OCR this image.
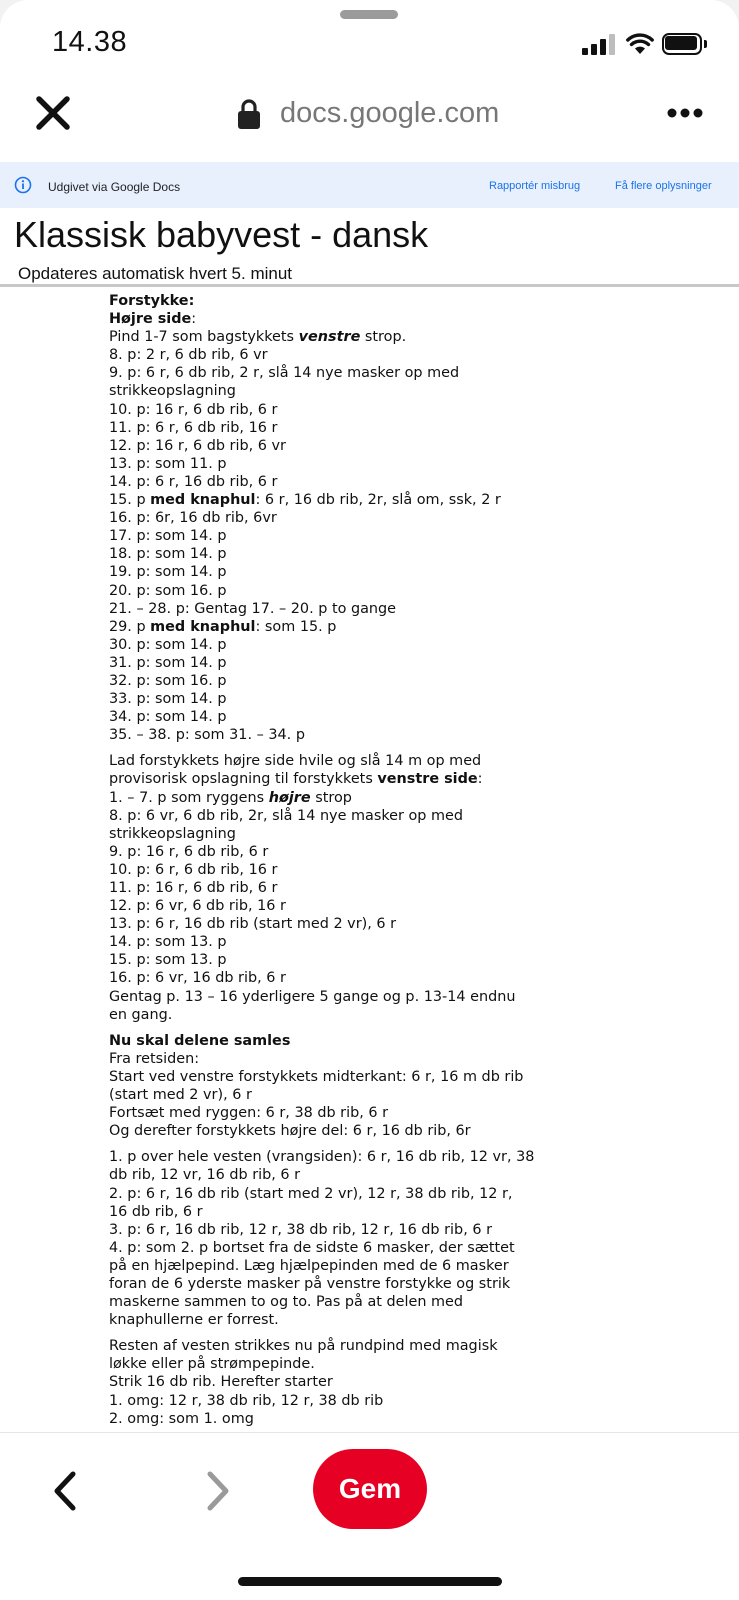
14.38
docs.google.com
Udgivet via Google Docs	Rapportér misbrug	Få flere oplysninger
Klassisk babyvest - dansk
Opdateres automatisk hvert 5. minut
Forstykke:
Højre side:
Pind 1-7 som bagstykkets venstre strop.
8. p: 2 r, 6 db rib, 6 vr
9. p: 6 r, 6 db rib, 2 r, slå 14 nye masker op med
strikkeopslagning
10. p: 16 r, 6 db rib, 6 r
11. p: 6 r, 6 db rib, 16 r
12. p: 16 r, 6 db rib, 6 vr
13. p: som 11. p
14. p: 6 r, 16 db rib, 6 r
15. p med knaphul: 6 r, 16 db rib, 2r, slå om, ssk, 2 r
16. p: 6r, 16 db rib, 6vr
17. p: som 14. p
18. p: som 14. p
19. p: som 14. p
20. p: som 16. p
21. – 28. p: Gentag 17. – 20. p to gange
29. p med knaphul: som 15. p
30. p: som 14. p
31. p: som 14. p
32. p: som 16. p
33. p: som 14. p
34. p: som 14. p
35. – 38. p: som 31. – 34. p
Lad forstykkets højre side hvile og slå 14 m op med
provisorisk opslagning til forstykkets venstre side:
1. – 7. p som ryggens højre strop
8. p: 6 vr, 6 db rib, 2r, slå 14 nye masker op med
strikkeopslagning
9. p: 16 r, 6 db rib, 6 r
10. p: 6 r, 6 db rib, 16 r
11. p: 16 r, 6 db rib, 6 r
12. p: 6 vr, 6 db rib, 16 r
13. p: 6 r, 16 db rib (start med 2 vr), 6 r
14. p: som 13. p
15. p: som 13. p
16. p: 6 vr, 16 db rib, 6 r
Gentag p. 13 – 16 yderligere 5 gange og p. 13-14 endnu
en gang.
Nu skal delene samles
Fra retsiden:
Start ved venstre forstykkets midterkant: 6 r, 16 m db rib
(start med 2 vr), 6 r
Fortsæt med ryggen: 6 r, 38 db rib, 6 r
Og derefter forstykkets højre del: 6 r, 16 db rib, 6r
1. p over hele vesten (vrangsiden): 6 r, 16 db rib, 12 vr, 38
db rib, 12 vr, 16 db rib, 6 r
2. p: 6 r, 16 db rib (start med 2 vr), 12 r, 38 db rib, 12 r,
16 db rib, 6 r
3. p: 6 r, 16 db rib, 12 r, 38 db rib, 12 r, 16 db rib, 6 r
4. p: som 2. p bortset fra de sidste 6 masker, der sættet
på en hjælpepind. Læg hjælpepinden med de 6 masker
foran de 6 yderste masker på venstre forstykke og strik
maskerne sammen to og to. Pas på at delen med
knaphullerne er forrest.
Resten af vesten strikkes nu på rundpind med magisk
løkke eller på strømpepinde.
Strik 16 db rib. Herefter starter
1. omg: 12 r, 38 db rib, 12 r, 38 db rib
2. omg: som 1. omg
Gem
